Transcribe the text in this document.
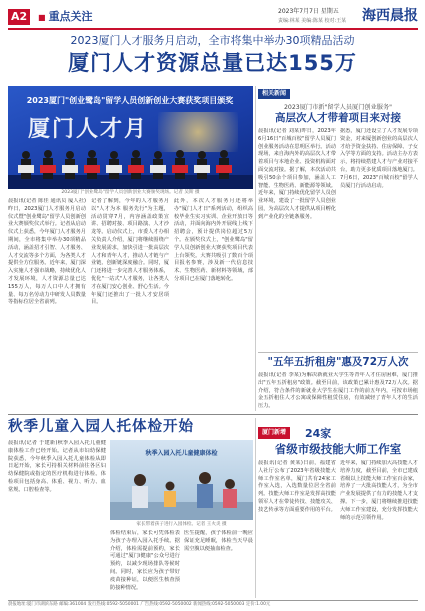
A2
■	重点关注	2023年7月7日 星期五
责编:林某 美编:陈某 校对:王某	海西晨报
2023厦门人才服务月启动，全市将集中举办30项精品活动
厦门人才资源总量已达155万
2023厦门"创业鹭岛"留学人员创新创业大赛获奖项目颁奖
厦门人才月
2023厦门"创业鹭岛"留学人员创新创业大赛颁奖现场。记者 吴斯 摄
晨报讯(记者 陈佳 通讯员 厦人社)昨日，2023厦门人才服务月启动仪式暨"创业鹭岛"留学人员创新创业大赛颁奖仪式举行。记者从启动仪式上获悉，今年厦门人才服务月期间，全市将集中举办30项精品活动，涵盖招才引智、人才服务、人才交流等多个方面，为各类人才提供全方位服务。近年来，厦门深入实施人才强市战略，持续优化人才发展环境，人才资源总量已达155万人，每万人口中人才拥有量、每万名劳动力中研发人员数量等指标位居全省前列。
记者了解到，今年的人才服务月以"人才为本 服务先行"为主题，活动贯穿7月，内容涵盖政策宣讲、招聘对接、项目路演、人才沙龙等。启动仪式上，市委人才办相关负责人介绍，厦门将继续围绕产业发展需求，加快引进一批高层次人才和青年人才，推动人才链与产业链、创新链深度融合。同时，厦门还将进一步完善人才服务体系，优化"一站式"人才服务，让各类人才在厦门安心创业、舒心生活。今年厦门还推出了一批人才安居项目。
此外，本次人才服务月还将举办"厦门人才日"系列活动，组织高校毕业生实习实训、企业开放日等活动，并面向海内外开展线上线下招聘会，预计提供岗位超过5万个。在颁奖仪式上，"创业鹭岛"留学人员创新创业大赛获奖项目代表上台领奖。大赛共吸引了数百个项目报名参赛，涉及新一代信息技术、生物医药、新材料等领域，部分项目已在厦门落地转化。
相关新闻
2023厦门市新"留学人员厦门创业服务"
高层次人才带着项目来对接
晨报讯(记者 刘某)昨日，2023年6月16日"百城百校"留学人员厦门创业服务活动在思明区举行。活动现场，来自海内外的高层次人才带着项目与本地企业、投资机构面对面交流对接。据了解，本次活动共吸引50余个项目参加，涵盖人工智能、生物医药、新能源等领域。近年来，厦门持续优化留学人员创业环境，建设了一批留学人员创业园，为高层次人才提供从项目孵化到产业化的全链条服务。
据悉，厦门还设立了人才发展专项资金，对来厦创新创业的高层次人才给予资金扶持、住房保障、子女入学等方面的支持。活动主办方表示，将持续搭建人才与产业对接平台，助力更多优质项目落地厦门。7月6日，2023"百城百校"留学人员厦门行活动启动。
"五年五折租房"惠及72万人次
晨报讯(记者 李某)为解决新就业大学生等青年人才住房困难，厦门推出"五年五折租房"政策。截至目前，该政策已累计惠及72万人次。据介绍，符合条件的新就业大学生在厦门工作的前五年内，可按市场租金五折租住人才公寓或保障性租赁住房，有效减轻了青年人才的生活压力。
秋季儿童入园人托体检开始
晨报讯(记者 于建新)秋季入园入托儿童健康体检工作已经开始。记者从市妇幼保健院获悉，今年秋季入园入托儿童体检从即日起开始，家长可持相关材料前往各区妇幼保健院或指定的医疗机构进行体检。体检项目包括身高、体重、视力、听力、血常规、口腔检查等。
秋季入园入托儿童健康体检
家长带着孩子进行入园体检。记者 王火炎 摄
体检结束后，家长可凭体检表为孩子办理入园入托手续。据介绍，体检需提前预约，家长可通过"厦门i健康"公众号进行预约，以减少现场排队等候时间。同时，家长应为孩子带好疫苗接种证，以便医生核查预防接种情况。
医生提醒，孩子体检前一晚应保证充足睡眠，体检当天早晨需空腹以便抽血检查。
厦门新增	24家
省级市级技能大师工作室
晨报讯(记者 黄某)日前，福建省人社厅公布了2023年省级技能大师工作室名单，厦门共有24家工作室入选，入选数量位居全省前列。技能大师工作室是发挥高技能领军人才在带徒传技、技能攻关、技艺传承等方面重要作用的平台。
近年来，厦门持续加大高技能人才培养力度，截至目前，全市已建成省级以上技能大师工作室百余家，培养了一大批高技能人才，为全市产业发展提供了有力的技能人才支撑。下一步，厦门将继续推进技能大师工作室建设，充分发挥技能大师的示范引领作用。
晨报地址:厦门市湖滨东路 邮编:361004 发行热线:0592-5050001 广告热线:0592-5050002 新闻热线:0592-5050003 定价:1.00元
